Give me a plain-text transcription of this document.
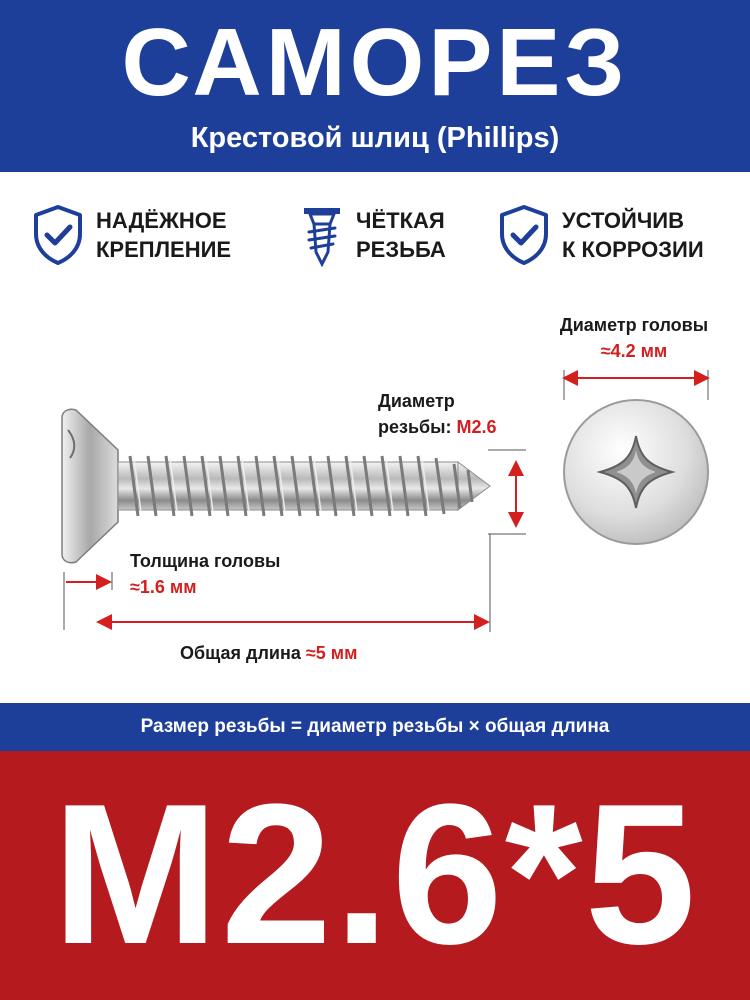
САМОРЕЗ
Крестовой шлиц (Phillips)
НАДЁЖНОЕ
КРЕПЛЕНИЕ
ЧЁТКАЯ
РЕЗЬБА
УСТОЙЧИВ
К КОРРОЗИИ
Диаметр головы
≈4.2 мм
Диаметр
резьбы: M2.6
Толщина головы
≈1.6 мм
Общая длина ≈5 мм
Размер резьбы = диаметр резьбы × общая длина
M2.6*5
